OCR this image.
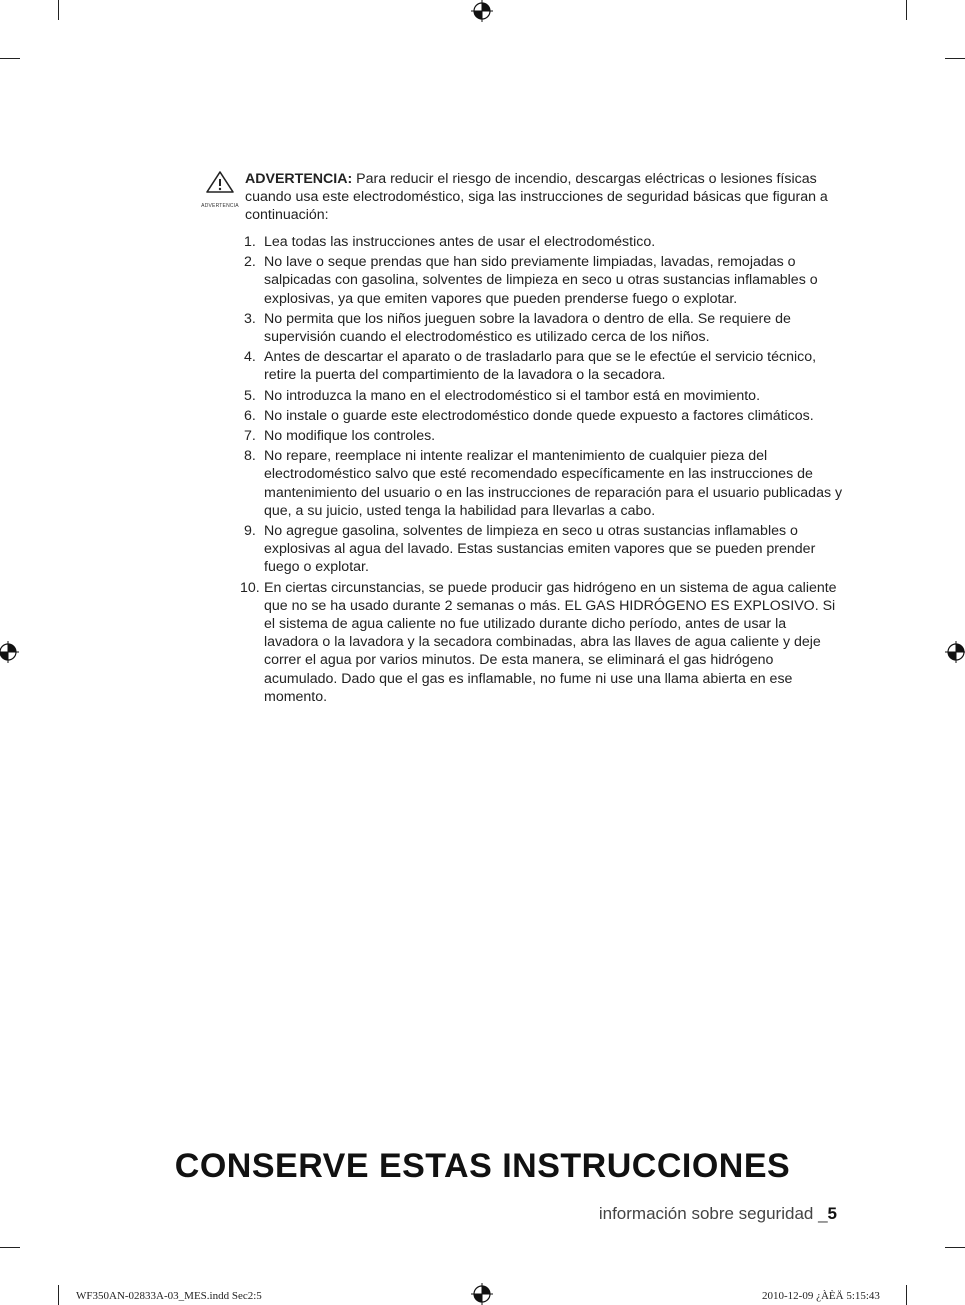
ADVERTENCIA
ADVERTENCIA: Para reducir el riesgo de incendio, descargas eléctricas o lesiones físicas cuando usa este electrodoméstico, siga las instrucciones de seguridad básicas que figuran a continuación:
1. Lea todas las instrucciones antes de usar el electrodoméstico.
2. No lave o seque prendas que han sido previamente limpiadas, lavadas, remojadas o salpicadas con gasolina, solventes de limpieza en seco u otras sustancias inflamables o explosivas, ya que emiten vapores que pueden prenderse fuego o explotar.
3. No permita que los niños jueguen sobre la lavadora o dentro de ella. Se requiere de supervisión cuando el electrodoméstico es utilizado cerca de los niños.
4. Antes de descartar el aparato o de trasladarlo para que se le efectúe el servicio técnico, retire la puerta del compartimiento de la lavadora o la secadora.
5. No introduzca la mano en el electrodoméstico si el tambor está en movimiento.
6. No instale o guarde este electrodoméstico donde quede expuesto a factores climáticos.
7. No modifique los controles.
8. No repare, reemplace ni intente realizar el mantenimiento de cualquier pieza del electrodoméstico salvo que esté recomendado específicamente en las instrucciones de mantenimiento del usuario o en las instrucciones de reparación para el usuario publicadas y que, a su juicio, usted tenga la habilidad para llevarlas a cabo.
9. No agregue gasolina, solventes de limpieza en seco u otras sustancias inflamables o explosivas al agua del lavado. Estas sustancias emiten vapores que se pueden prender fuego o explotar.
10. En ciertas circunstancias, se puede producir gas hidrógeno en un sistema de agua caliente que no se ha usado durante 2 semanas o más. EL GAS HIDRÓGENO ES EXPLOSIVO. Si el sistema de agua caliente no fue utilizado durante dicho período, antes de usar la lavadora o la lavadora y la secadora combinadas, abra las llaves de agua caliente y deje correr el agua por varios minutos. De esta manera, se eliminará el gas hidrógeno acumulado. Dado que el gas es inflamable, no fume ni use una llama abierta en ese momento.
CONSERVE ESTAS INSTRUCCIONES
información sobre seguridad _5
WF350AN-02833A-03_MES.indd Sec2:5	2010-12-09 ¿ÀÈÄ 5:15:43
